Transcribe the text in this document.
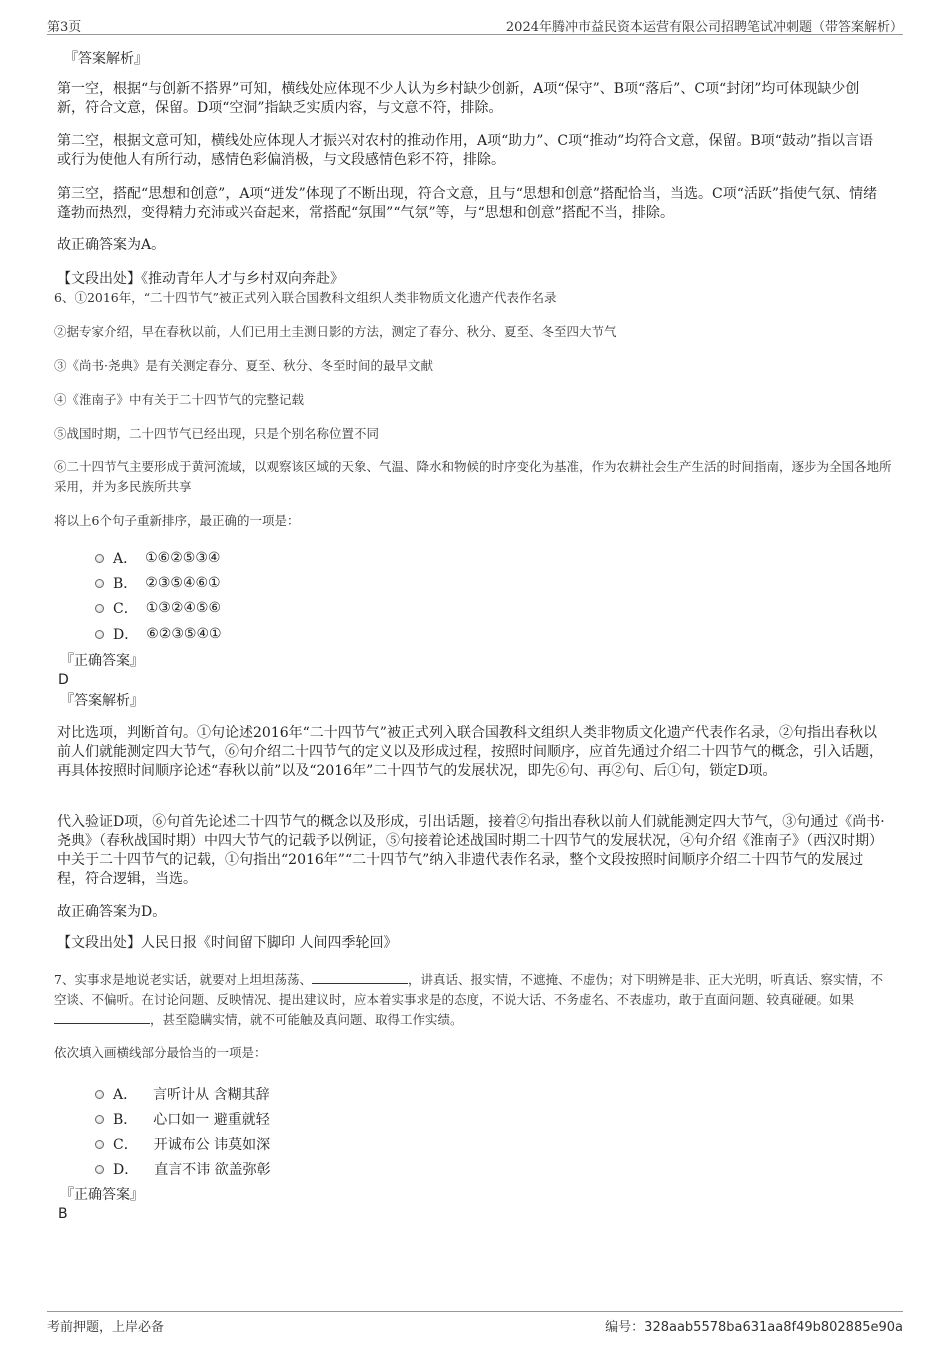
第3页	2024年腾冲市益民资本运营有限公司招聘笔试冲刺题（带答案解析）
『答案解析』

第一空，根据“与创新不搭界”可知，横线处应体现不少人认为乡村缺少创新，A项“保守”、B项“落后”、C项“封闭”均可体现缺少创新，符合文意，保留。D项“空洞”指缺乏实质内容，与文意不符，排除。

第二空，根据文意可知，横线处应体现人才振兴对农村的推动作用，A项“助力”、C项“推动”均符合文意，保留。B项“鼓动”指以言语或行为使他人有所行动，感情色彩偏消极，与文段感情色彩不符，排除。

第三空，搭配“思想和创意”，A项“迸发”体现了不断出现，符合文意，且与“思想和创意”搭配恰当，当选。C项“活跃”指使气氛、情绪蓬勃而热烈，变得精力充沛或兴奋起来，常搭配“氛围”“气氛”等，与“思想和创意”搭配不当，排除。

故正确答案为A。

【文段出处】《推动青年人才与乡村双向奔赴》
6、①2016年，“二十四节气”被正式列入联合国教科文组织人类非物质文化遗产代表作名录
②据专家介绍，早在春秋以前，人们已用土圭测日影的方法，测定了春分、秋分、夏至、冬至四大节气
③《尚书·尧典》是有关测定春分、夏至、秋分、冬至时间的最早文献
④《淮南子》中有关于二十四节气的完整记载
⑤战国时期，二十四节气已经出现，只是个别名称位置不同

⑥二十四节气主要形成于黄河流域，以观察该区域的天象、气温、降水和物候的时序变化为基准，作为农耕社会生产生活的时间指南，逐步为全国各地所采用，并为多民族所共享

将以上6个句子重新排序，最正确的一项是：
A． ①⑥②⑤③④
B． ②③⑤④⑥①
C． ①③②④⑤⑥
D． ⑥②③⑤④①
『正确答案』
D
『答案解析』

对比选项，判断首句。①句论述2016年“二十四节气”被正式列入联合国教科文组织人类非物质文化遗产代表作名录，②句指出春秋以前人们就能测定四大节气，⑥句介绍二十四节气的定义以及形成过程，按照时间顺序，应首先通过介绍二十四节气的概念，引入话题，再具体按照时间顺序论述“春秋以前”以及“2016年”二十四节气的发展状况，即先⑥句、再②句、后①句，锁定D项。

代入验证D项，⑥句首先论述二十四节气的概念以及形成，引出话题，接着②句指出春秋以前人们就能测定四大节气，③句通过《尚书·尧典》（春秋战国时期）中四大节气的记载予以例证，⑤句接着论述战国时期二十四节气的发展状况，④句介绍《淮南子》（西汉时期）中关于二十四节气的记载，①句指出“2016年”“二十四节气”纳入非遗代表作名录，整个文段按照时间顺序介绍二十四节气的发展过程，符合逻辑，当选。

故正确答案为D。

【文段出处】人民日报《时间留下脚印 人间四季轮回》

7、实事求是地说老实话，就要对上坦坦荡荡、	，讲真话、报实情，不遮掩、不虚伪；对下明辨是非、正大光明，听真话、察实情，不空谈、不偏听。在讨论问题、反映情况、提出建议时，应本着实事求是的态度，不说大话、不务虚名、不表虚功，敢于直面问题、较真碰硬。如果，甚至隐瞒实情，就不可能触及真问题、取得工作实绩。

依次填入画横线部分最恰当的一项是：
B． 心口如一 避重就轻
A． 言听计从 含糊其辞
C． 开诚布公 讳莫如深
D． 直言不讳 欲盖弥彰
『正确答案』
B
考前押题，上岸必备	编号：328aab5578ba631aa8f49b802885e90a
